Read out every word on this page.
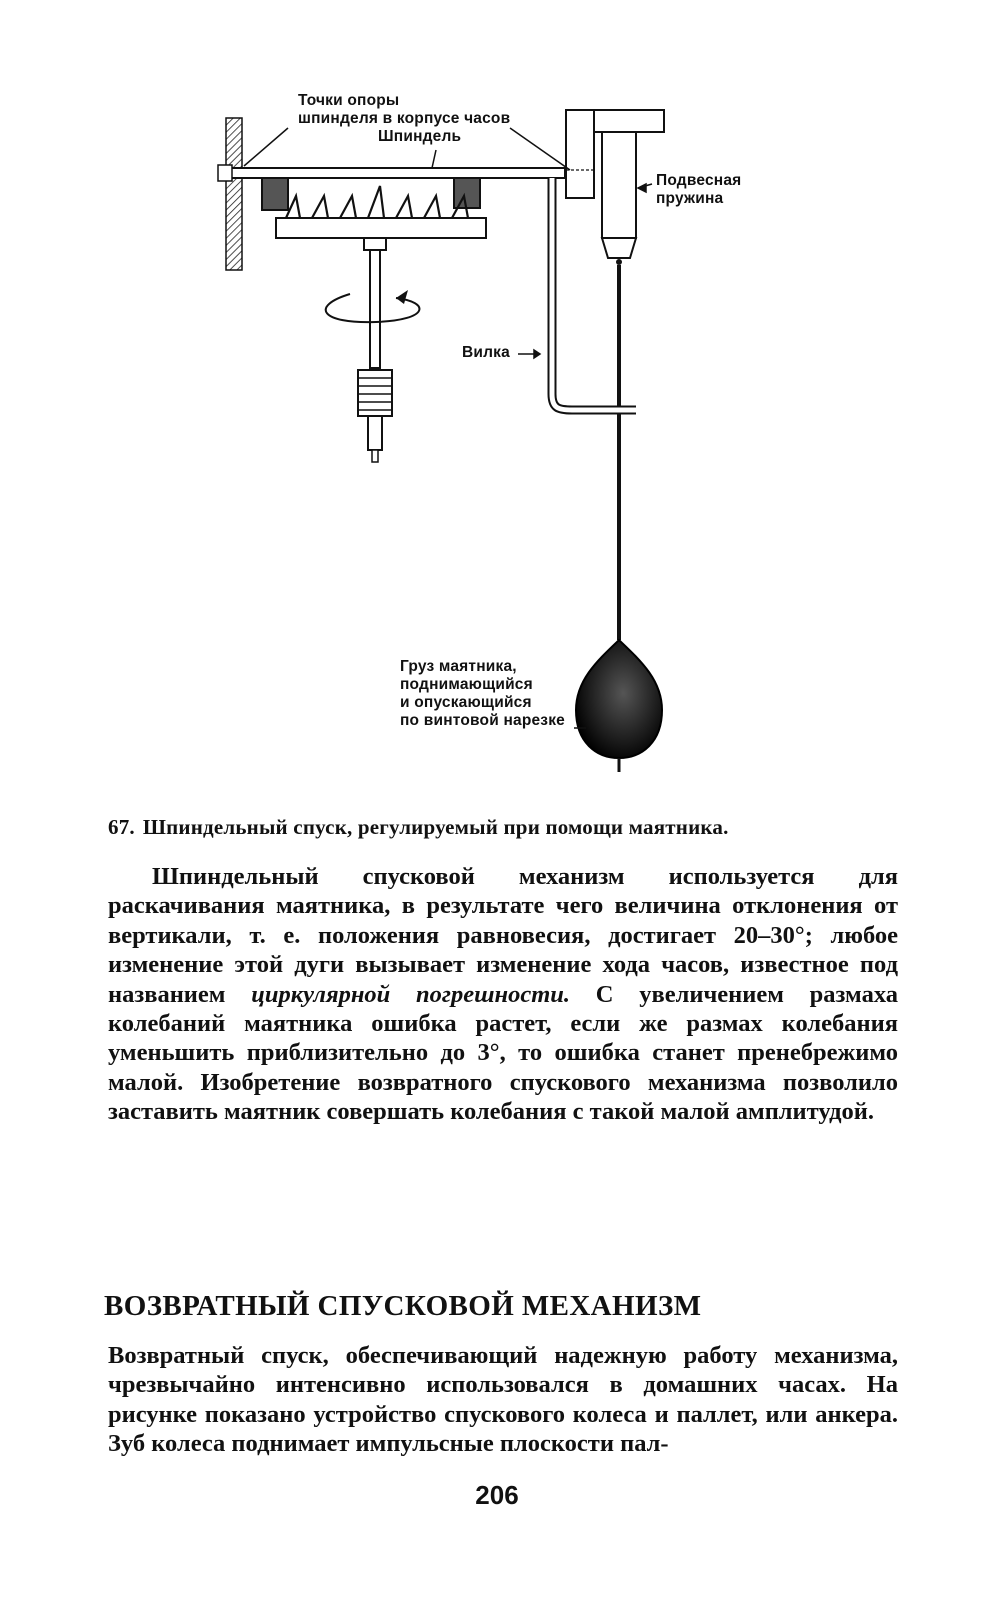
Точки опоры
шпинделя в корпусе часов
Шпиндель
Подвесная
пружина
Вилка
Груз маятника,
поднимающийся
и опускающийся
по винтовой нарезке
67. Шпиндельный спуск, регулируемый при помощи маятника.

Шпиндельный спусковой механизм используется для раскачивания маятника, в результате чего величина отклонения от вертикали, т. е. положения равновесия, достигает 20–30°; любое изменение этой дуги вызывает изменение хода часов, известное под названием циркулярной погрешности. С увеличением размаха колебаний маятника ошибка растет, если же размах колебания уменьшить приблизительно до 3°, то ошибка станет пренебрежимо малой. Изобретение возвратного спускового механизма позволило заставить маятник совершать колебания с такой малой амплитудой.

ВОЗВРАТНЫЙ СПУСКОВОЙ МЕХАНИЗМ

Возвратный спуск, обеспечивающий надежную работу механизма, чрезвычайно интенсивно использовался в домашних часах. На рисунке показано устройство спускового колеса и паллет, или анкера. Зуб колеса поднимает импульсные плоскости пал-

206
